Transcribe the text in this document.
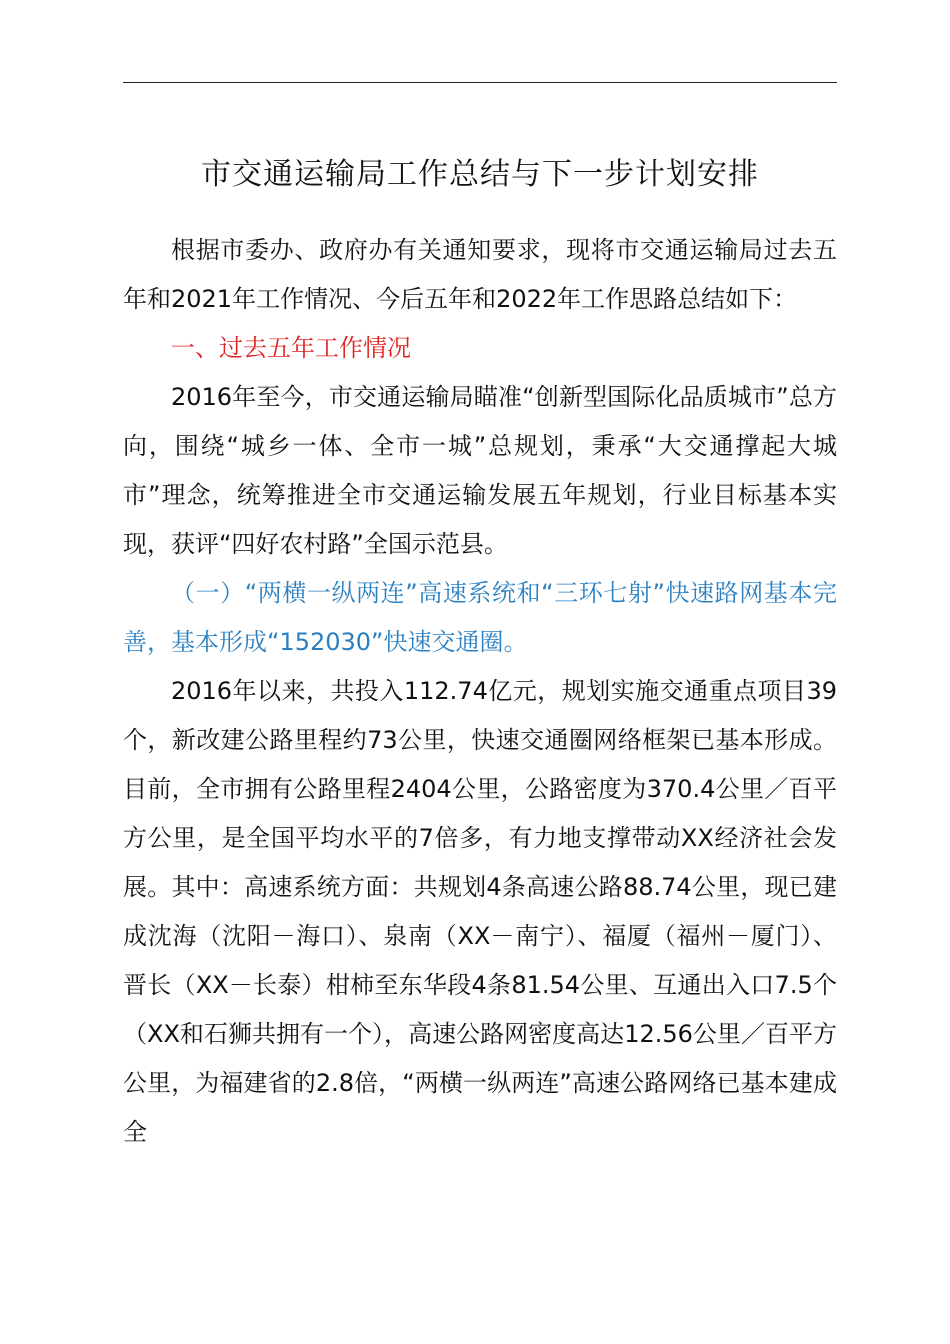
市交通运输局工作总结与下一步计划安排

根据市委办、政府办有关通知要求，现将市交通运输局过去五年和2021年工作情况、今后五年和2022年工作思路总结如下：

一、过去五年工作情况

2016年至今，市交通运输局瞄准“创新型国际化品质城市”总方向，围绕“城乡一体、全市一城”总规划，秉承“大交通撑起大城市”理念，统筹推进全市交通运输发展五年规划，行业目标基本实现，获评“四好农村路”全国示范县。

（一）“两横一纵两连”高速系统和“三环七射”快速路网基本完善，基本形成“152030”快速交通圈。

2016年以来，共投入112.74亿元，规划实施交通重点项目39个，新改建公路里程约73公里，快速交通圈网络框架已基本形成。目前，全市拥有公路里程2404公里，公路密度为370.4公里／百平方公里，是全国平均水平的7倍多，有力地支撑带动XX经济社会发展。其中：高速系统方面：共规划4条高速公路88.74公里，现已建成沈海（沈阳－海口）、泉南（XX－南宁）、福厦（福州－厦门）、晋长（XX－长泰）柑柿至东华段4条81.54公里、互通出入口7.5个（XX和石狮共拥有一个），高速公路网密度高达12.56公里／百平方公里，为福建省的2.8倍，“两横一纵两连”高速公路网络已基本建成全
